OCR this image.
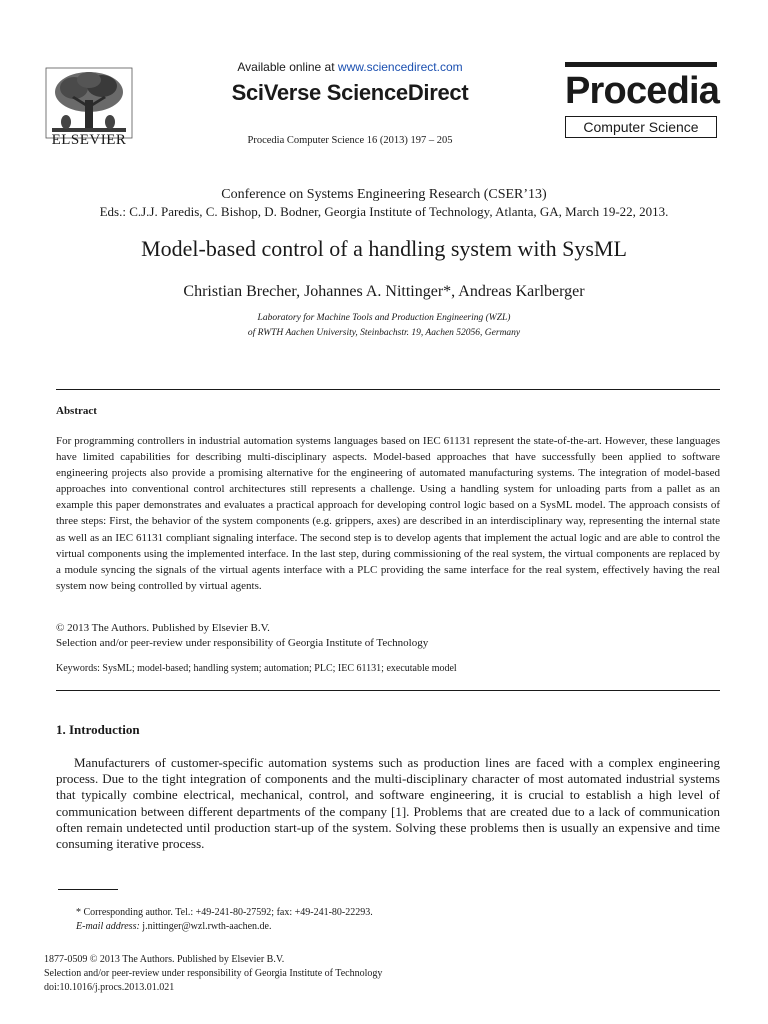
ELSEVIER
Available online at www.sciencedirect.com
SciVerse ScienceDirect
Procedia Computer Science 16 (2013) 197 – 205
Procedia
Computer Science
Conference on Systems Engineering Research (CSER’13)
Eds.: C.J.J. Paredis, C. Bishop, D. Bodner, Georgia Institute of Technology, Atlanta, GA, March 19-22, 2013.
Model-based control of a handling system with SysML
Christian Brecher, Johannes A. Nittinger*, Andreas Karlberger
Laboratory for Machine Tools and Production Engineering (WZL)
of RWTH Aachen University, Steinbachstr. 19, Aachen 52056, Germany
Abstract
For programming controllers in industrial automation systems languages based on IEC 61131 represent the state-of-the-art. However, these languages have limited capabilities for describing multi-disciplinary aspects. Model-based approaches that have successfully been applied to software engineering projects also provide a promising alternative for the engineering of automated manufacturing systems. The integration of model-based approaches into conventional control architectures still represents a challenge. Using a handling system for unloading parts from a pallet as an example this paper demonstrates and evaluates a practical approach for developing control logic based on a SysML model. The approach consists of three steps: First, the behavior of the system components (e.g. grippers, axes) are described in an interdisciplinary way, representing the internal state as well as an IEC 61131 compliant signaling interface. The second step is to develop agents that implement the actual logic and are able to control the virtual components using the implemented interface. In the last step, during commissioning of the real system, the virtual components are replaced by a module syncing the signals of the virtual agents interface with a PLC providing the same interface for the real system, effectively having the real system now being controlled by virtual agents.
© 2013 The Authors. Published by Elsevier B.V.
Selection and/or peer-review under responsibility of Georgia Institute of Technology
Keywords: SysML; model-based; handling system; automation; PLC; IEC 61131; executable model
1. Introduction
Manufacturers of customer-specific automation systems such as production lines are faced with a complex engineering process. Due to the tight integration of components and the multi-disciplinary character of most automated industrial systems that typically combine electrical, mechanical, control, and software engineering, it is crucial to establish a high level of communication between different departments of the company [1]. Problems that are created due to a lack of communication often remain undetected until production start-up of the system. Solving these problems then is usually an expensive and time consuming iterative process.
* Corresponding author. Tel.: +49-241-80-27592; fax: +49-241-80-22293.
E-mail address: j.nittinger@wzl.rwth-aachen.de.
1877-0509 © 2013 The Authors. Published by Elsevier B.V.
Selection and/or peer-review under responsibility of Georgia Institute of Technology
doi:10.1016/j.procs.2013.01.021
